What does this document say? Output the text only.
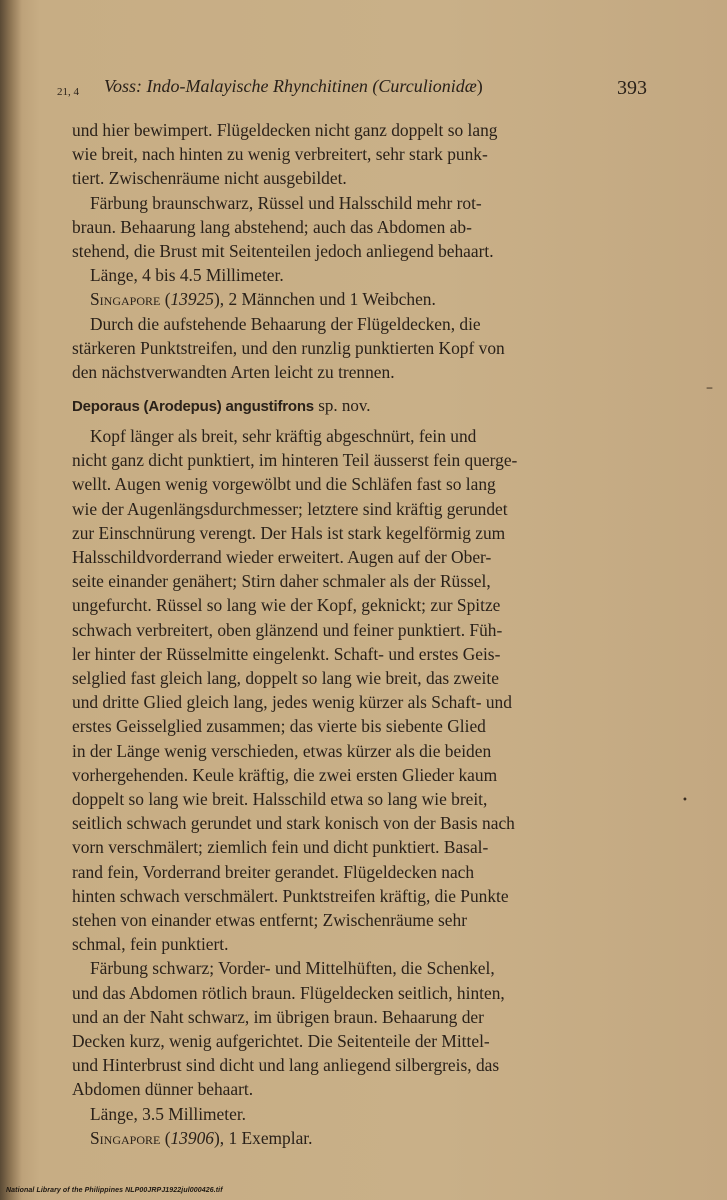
21, 4 Voss: Indo-Malayische Rhynchitinen (Curculionidæ)	393
und hier bewimpert. Flügeldecken nicht ganz doppelt so lang
wie breit, nach hinten zu wenig verbreitert, sehr stark punk-
tiert. Zwischenräume nicht ausgebildet.
Färbung braunschwarz, Rüssel und Halsschild mehr rot-
braun. Behaarung lang abstehend; auch das Abdomen ab-
stehend, die Brust mit Seitenteilen jedoch anliegend behaart.
Länge, 4 bis 4.5 Millimeter.
Singapore (13925), 2 Männchen und 1 Weibchen.
Durch die aufstehende Behaarung der Flügeldecken, die
stärkeren Punktstreifen, und den runzlig punktierten Kopf von
den nächstverwandten Arten leicht zu trennen.
Deporaus (Arodepus) angustifrons sp. nov.
Kopf länger als breit, sehr kräftig abgeschnürt, fein und
nicht ganz dicht punktiert, im hinteren Teil äusserst fein querge-
wellt. Augen wenig vorgewölbt und die Schläfen fast so lang
wie der Augenlängsdurchmesser; letztere sind kräftig gerundet
zur Einschnürung verengt. Der Hals ist stark kegelförmig zum
Halsschildvorderrand wieder erweitert. Augen auf der Ober-
seite einander genähert; Stirn daher schmaler als der Rüssel,
ungefurcht. Rüssel so lang wie der Kopf, geknickt; zur Spitze
schwach verbreitert, oben glänzend und feiner punktiert. Füh-
ler hinter der Rüsselmitte eingelenkt. Schaft- und erstes Geis-
selglied fast gleich lang, doppelt so lang wie breit, das zweite
und dritte Glied gleich lang, jedes wenig kürzer als Schaft- und
erstes Geisselglied zusammen; das vierte bis siebente Glied
in der Länge wenig verschieden, etwas kürzer als die beiden
vorhergehenden. Keule kräftig, die zwei ersten Glieder kaum
doppelt so lang wie breit. Halsschild etwa so lang wie breit,
seitlich schwach gerundet und stark konisch von der Basis nach
vorn verschmälert; ziemlich fein und dicht punktiert. Basal-
rand fein, Vorderrand breiter gerandet. Flügeldecken nach
hinten schwach verschmälert. Punktstreifen kräftig, die Punkte
stehen von einander etwas entfernt; Zwischenräume sehr
schmal, fein punktiert.
Färbung schwarz; Vorder- und Mittelhüften, die Schenkel,
und das Abdomen rötlich braun. Flügeldecken seitlich, hinten,
und an der Naht schwarz, im übrigen braun. Behaarung der
Decken kurz, wenig aufgerichtet. Die Seitenteile der Mittel-
und Hinterbrust sind dicht und lang anliegend silbergreis, das
Abdomen dünner behaart.
Länge, 3.5 Millimeter.
Singapore (13906), 1 Exemplar.
–
•
National Library of the Philippines NLP00JRPJ1922jul000426.tif
